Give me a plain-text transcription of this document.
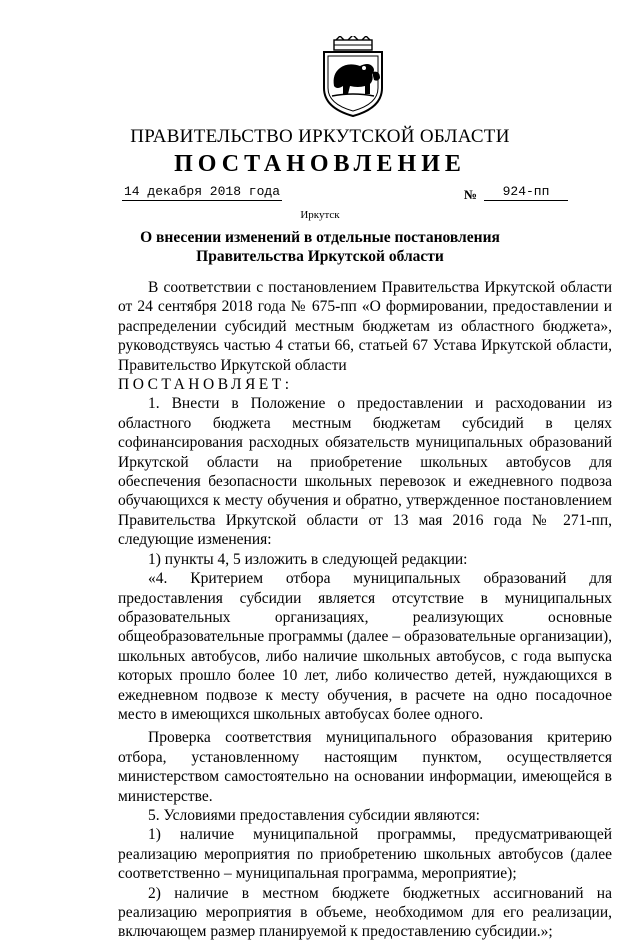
ПРАВИТЕЛЬСТВО ИРКУТСКОЙ ОБЛАСТИ
ПОСТАНОВЛЕНИЕ
14 декабря 2018 года	№	924-пп
Иркутск
О внесении изменений в отдельные постановления Правительства Иркутской области

В соответствии с постановлением Правительства Иркутской области от 24 сентября 2018 года № 675-пп «О формировании, предоставлении и распределении субсидий местным бюджетам из областного бюджета», руководствуясь частью 4 статьи 66, статьей 67 Устава Иркутской области, Правительство Иркутской области

ПОСТАНОВЛЯЕТ:

1. Внести в Положение о предоставлении и расходовании из областного бюджета местным бюджетам субсидий в целях софинансирования расходных обязательств муниципальных образований Иркутской области на приобретение школьных автобусов для обеспечения безопасности школьных перевозок и ежедневного подвоза обучающихся к месту обучения и обратно, утвержденное постановлением Правительства Иркутской области от 13 мая 2016 года № 271-пп, следующие изменения:

1) пункты 4, 5 изложить в следующей редакции:

«4. Критерием отбора муниципальных образований для предоставления субсидии является отсутствие в муниципальных образовательных организациях, реализующих основные общеобразовательные программы (далее – образовательные организации), школьных автобусов, либо наличие школьных автобусов, с года выпуска которых прошло более 10 лет, либо количество детей, нуждающихся в ежедневном подвозе к месту обучения, в расчете на одно посадочное место в имеющихся школьных автобусах более одного.

Проверка соответствия муниципального образования критерию отбора, установленному настоящим пунктом, осуществляется министерством самостоятельно на основании информации, имеющейся в министерстве.

5. Условиями предоставления субсидии являются:

1) наличие муниципальной программы, предусматривающей реализацию мероприятия по приобретению школьных автобусов (далее соответственно – муниципальная программа, мероприятие);

2) наличие в местном бюджете бюджетных ассигнований на реализацию мероприятия в объеме, необходимом для его реализации, включающем размер планируемой к предоставлению субсидии.»;
